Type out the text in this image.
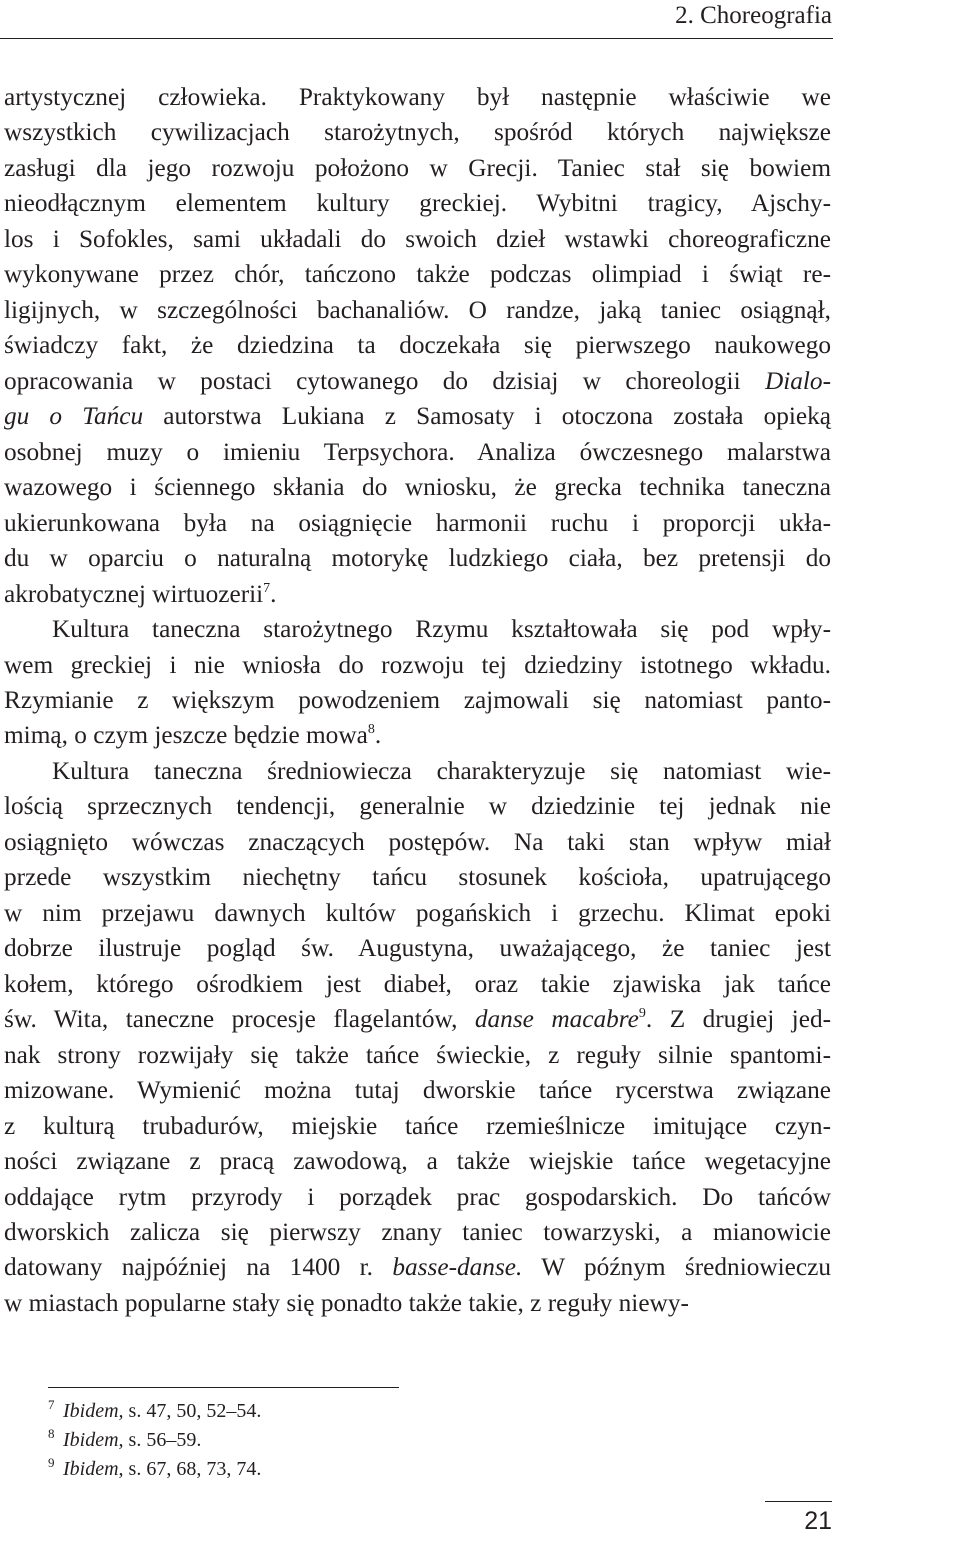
2. Choreografia
artystycznej człowieka. Praktykowany był następnie właściwie we
wszystkich cywilizacjach starożytnych, spośród których największe
zasługi dla jego rozwoju położono w Grecji. Taniec stał się bowiem
nieodłącznym elementem kultury greckiej. Wybitni tragicy, Ajschy-
los i Sofokles, sami układali do swoich dzieł wstawki choreograficzne
wykonywane przez chór, tańczono także podczas olimpiad i świąt re-
ligijnych, w szczególności bachanaliów. O randze, jaką taniec osiągnął,
świadczy fakt, że dziedzina ta doczekała się pierwszego naukowego
opracowania w postaci cytowanego do dzisiaj w choreologii Dialo-
gu o Tańcu autorstwa Lukiana z Samosaty i otoczona została opieką
osobnej muzy o imieniu Terpsychora. Analiza ówczesnego malarstwa
wazowego i ściennego skłania do wniosku, że grecka technika taneczna
ukierunkowana była na osiągnięcie harmonii ruchu i proporcji ukła-
du w oparciu o naturalną motorykę ludzkiego ciała, bez pretensji do
akrobatycznej wirtuozerii$^7$.
Kultura taneczna starożytnego Rzymu kształtowała się pod wpły-
wem greckiej i nie wniosła do rozwoju tej dziedziny istotnego wkładu.
Rzymianie z większym powodzeniem zajmowali się natomiast panto-
mimą, o czym jeszcze będzie mowa$^8$.
Kultura taneczna średniowiecza charakteryzuje się natomiast wie-
lością sprzecznych tendencji, generalnie w dziedzinie tej jednak nie
osiągnięto wówczas znaczących postępów. Na taki stan wpływ miał
przede wszystkim niechętny tańcu stosunek kościoła, upatrującego
w nim przejawu dawnych kultów pogańskich i grzechu. Klimat epoki
dobrze ilustruje pogląd św. Augustyna, uważającego, że taniec jest
kołem, którego ośrodkiem jest diabeł, oraz takie zjawiska jak tańce
św. Wita, taneczne procesje flagelantów, danse macabre$^9$. Z drugiej jed-
nak strony rozwijały się także tańce świeckie, z reguły silnie spantomi-
mizowane. Wymienić można tutaj dworskie tańce rycerstwa związane
z kulturą trubadurów, miejskie tańce rzemieślnicze imitujące czyn-
ności związane z pracą zawodową, a także wiejskie tańce wegetacyjne
oddające rytm przyrody i porządek prac gospodarskich. Do tańców
dworskich zalicza się pierwszy znany taniec towarzyski, a mianowicie
datowany najpóźniej na 1400 r. basse-danse. W późnym średniowieczu
w miastach popularne stały się ponadto także takie, z reguły niewy-
7 Ibidem, s. 47, 50, 52–54.
8 Ibidem, s. 56–59.
9 Ibidem, s. 67, 68, 73, 74.
21
